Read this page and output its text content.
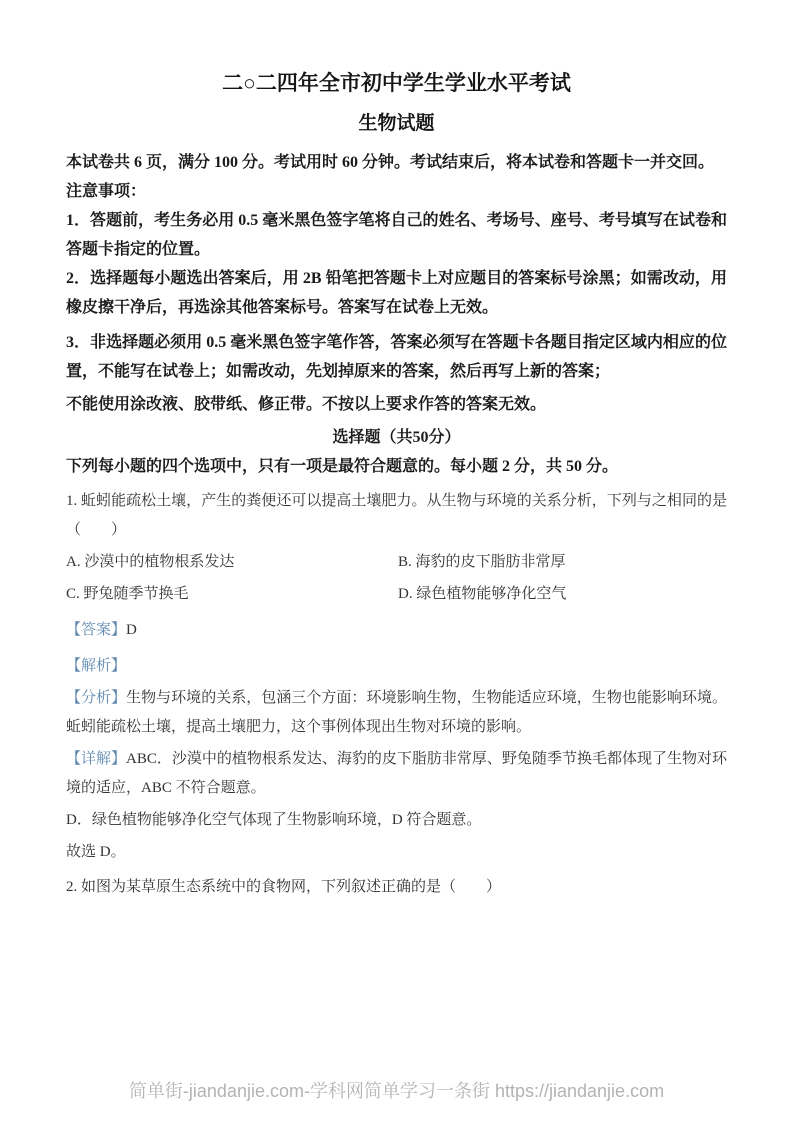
二○二四年全市初中学生学业水平考试
生物试题

本试卷共 6 页，满分 100 分。考试用时 60 分钟。考试结束后，将本试卷和答题卡一并交回。

注意事项：

1．答题前，考生务必用 0.5 毫米黑色签字笔将自己的姓名、考场号、座号、考号填写在试卷和答题卡指定的位置。

2．选择题每小题选出答案后，用 2B 铅笔把答题卡上对应题目的答案标号涂黑；如需改动，用橡皮擦干净后，再选涂其他答案标号。答案写在试卷上无效。

3．非选择题必须用 0.5 毫米黑色签字笔作答，答案必须写在答题卡各题目指定区域内相应的位置，不能写在试卷上；如需改动，先划掉原来的答案，然后再写上新的答案；

不能使用涂改液、胶带纸、修正带。不按以上要求作答的答案无效。

选择题（共50分）

下列每小题的四个选项中，只有一项是最符合题意的。每小题 2 分，共 50 分。

1. 蚯蚓能疏松土壤，产生的粪便还可以提高土壤肥力。从生物与环境的关系分析，下列与之相同的是（　　）

A. 沙漠中的植物根系发达	B. 海豹的皮下脂肪非常厚
C. 野兔随季节换毛	D. 绿色植物能够净化空气

【答案】D

【解析】

【分析】生物与环境的关系，包涵三个方面：环境影响生物，生物能适应环境，生物也能影响环境。蚯蚓能疏松土壤，提高土壤肥力，这个事例体现出生物对环境的影响。

【详解】ABC．沙漠中的植物根系发达、海豹的皮下脂肪非常厚、野兔随季节换毛都体现了生物对环境的适应，ABC 不符合题意。

D．绿色植物能够净化空气体现了生物影响环境，D 符合题意。

故选 D。

2. 如图为某草原生态系统中的食物网，下列叙述正确的是（　　）

简单街-jiandanjie.com-学科网简单学习一条街 https://jiandanjie.com
